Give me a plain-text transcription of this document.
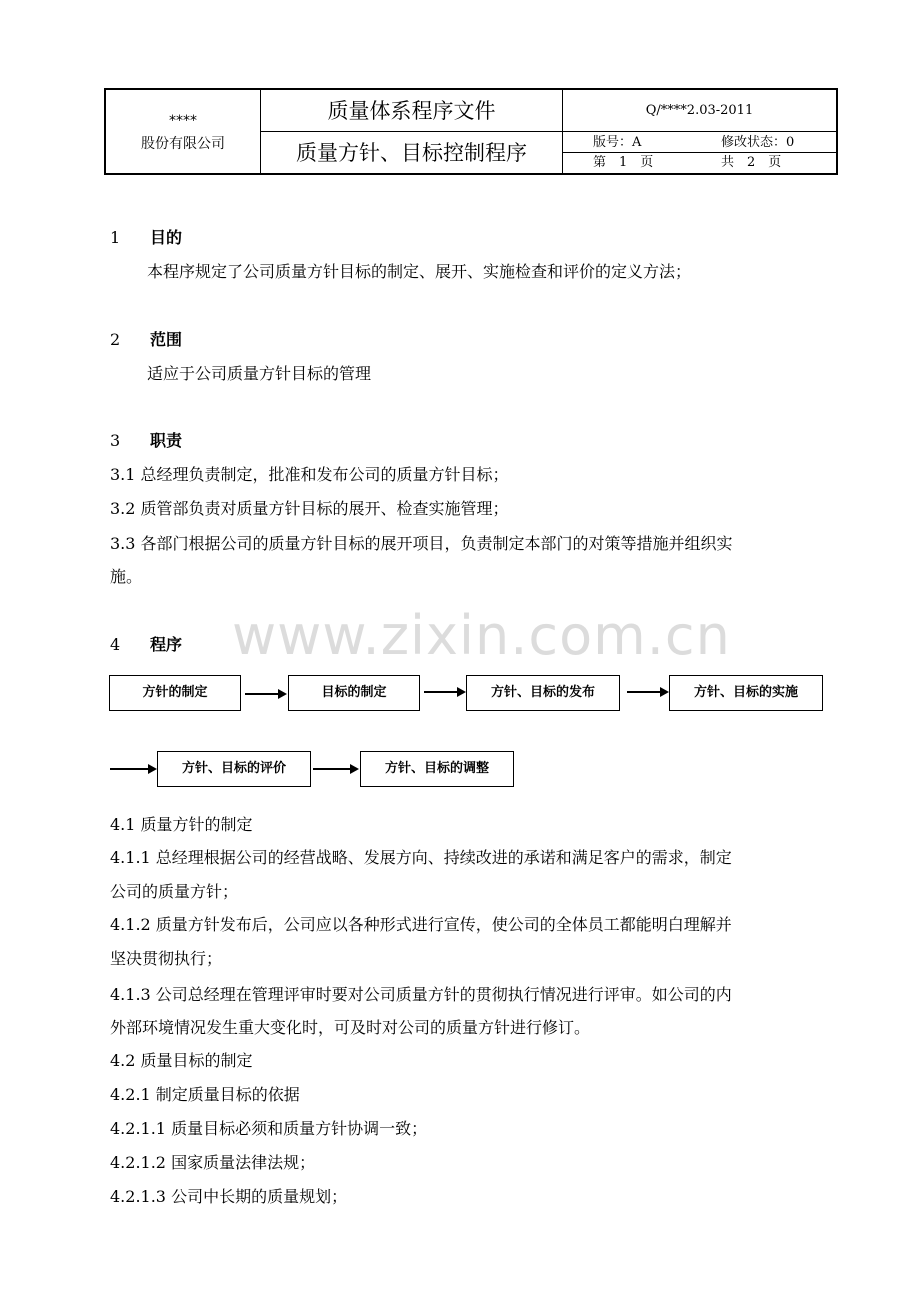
****
股份有限公司
质量体系程序文件
质量方针、目标控制程序
Q/****2.03-2011
版号：A	修改状态：0
第　1　页	共　2　页
www.zixin.com.cn
1 目的
本程序规定了公司质量方针目标的制定、展开、实施检查和评价的定义方法；
2 范围
适应于公司质量方针目标的管理
3 职责
3.1 总经理负责制定，批准和发布公司的质量方针目标；
3.2 质管部负责对质量方针目标的展开、检查实施管理；
3.3 各部门根据公司的质量方针目标的展开项目，负责制定本部门的对策等措施并组织实
施。
4 程序
方针的制定	目标的制定	方针、目标的发布	方针、目标的实施
方针、目标的评价	方针、目标的调整
4.1 质量方针的制定
4.1.1 总经理根据公司的经营战略、发展方向、持续改进的承诺和满足客户的需求，制定
公司的质量方针；
4.1.2 质量方针发布后，公司应以各种形式进行宣传，使公司的全体员工都能明白理解并
坚决贯彻执行；
4.1.3 公司总经理在管理评审时要对公司质量方针的贯彻执行情况进行评审。如公司的内
外部环境情况发生重大变化时，可及时对公司的质量方针进行修订。
4.2 质量目标的制定
4.2.1 制定质量目标的依据
4.2.1.1 质量目标必须和质量方针协调一致；
4.2.1.2 国家质量法律法规；
4.2.1.3 公司中长期的质量规划；
